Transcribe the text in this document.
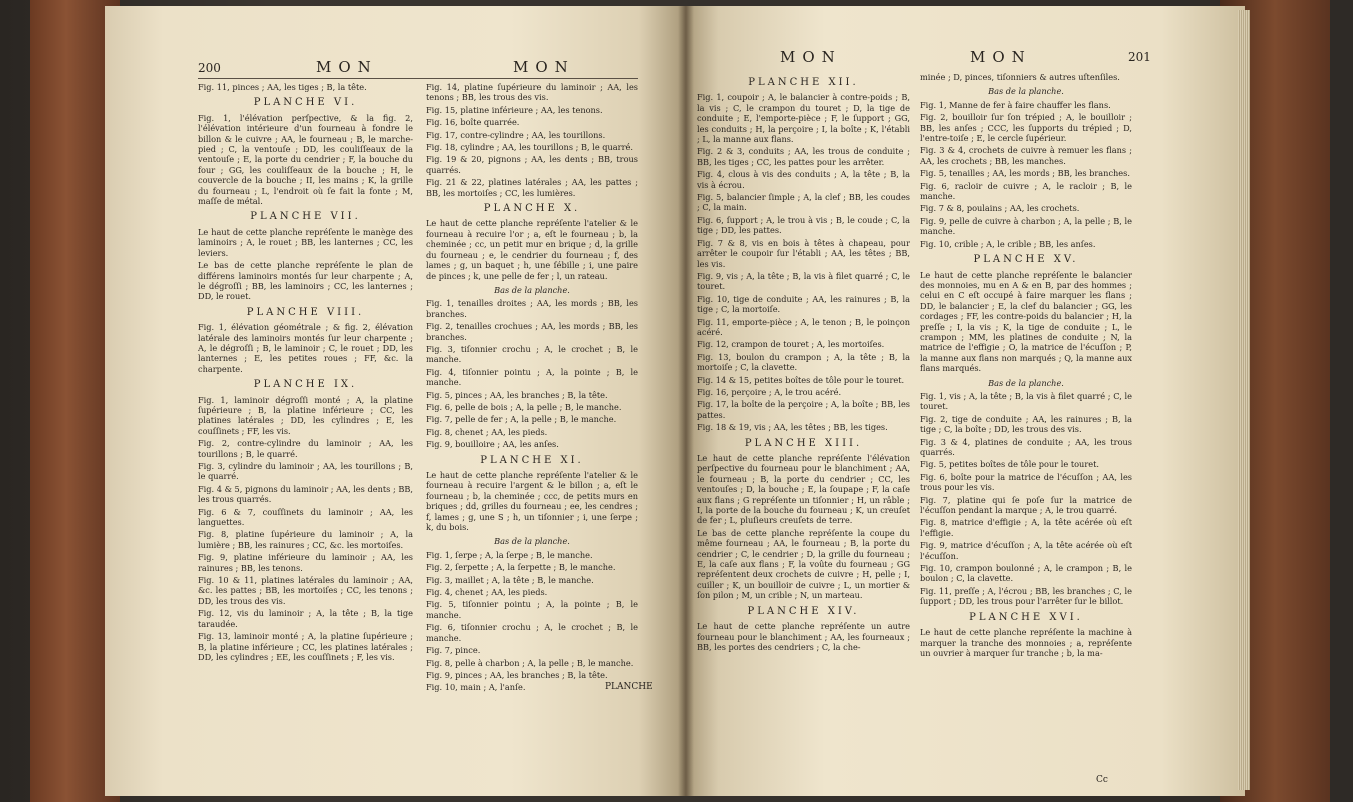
200	MON	MON
MON	MON	201

Fig. 11, pinces ; AA, les tiges ; B, la tête.

PLANCHE VI.

Fig. 1, l'élévation perſpective, & la fig. 2, l'élévation intérieure d'un fourneau à fondre le billon & le cuivre ; AA, le fourneau ; B, le marche-pied ; C, la ventouſe ; DD, les couliſſeaux de la ventouſe ; E, la porte du cendrier ; F, la bouche du four ; GG, les couliſſeaux de la bouche ; H, le couvercle de la bouche ; II, les mains ; K, la grille du fourneau ; L, l'endroit où ſe fait la fonte ; M, maſſe de métal.

PLANCHE VII.

Le haut de cette planche repréſente le manège des laminoirs ; A, le rouet ; BB, les lanternes ; CC, les leviers.

Le bas de cette planche repréſente le plan de différens laminoirs montés ſur leur charpente ; A, le dégroſſi ; BB, les laminoirs ; CC, les lanternes ; DD, le rouet.

PLANCHE VIII.

Fig. 1, élévation géométrale ; & fig. 2, élévation latérale des laminoirs montés ſur leur charpente ; A, le dégroſſi ; B, le laminoir ; C, le rouet ; DD, les lanternes ; E, les petites roues ; FF, &c. la charpente.

PLANCHE IX.

Fig. 1, laminoir dégroſſi monté ; A, la platine ſupérieure ; B, la platine inférieure ; CC, les platines latérales ; DD, les cylindres ; E, les couſſinets ; FF, les vis.

Fig. 2, contre-cylindre du laminoir ; AA, les tourillons ; B, le quarré.

Fig. 3, cylindre du laminoir ; AA, les tourillons ; B, le quarré.

Fig. 4 & 5, pignons du laminoir ; AA, les dents ; BB, les trous quarrés.

Fig. 6 & 7, couſſinets du laminoir ; AA, les languettes.

Fig. 8, platine ſupérieure du laminoir ; A, la lumière ; BB, les rainures ; CC, &c. les mortoiſes.

Fig. 9, platine inférieure du laminoir ; AA, les rainures ; BB, les tenons.

Fig. 10 & 11, platines latérales du laminoir ; AA, &c. les pattes ; BB, les mortoiſes ; CC, les tenons ; DD, les trous des vis.

Fig. 12, vis du laminoir ; A, la tête ; B, la tige taraudée.

Fig. 13, laminoir monté ; A, la platine ſupérieure ; B, la platine inférieure ; CC, les platines latérales ; DD, les cylindres ; EE, les couſſinets ; F, les vis.

Fig. 14, platine ſupérieure du laminoir ; AA, les tenons ; BB, les trous des vis.

Fig. 15, platine inférieure ; AA, les tenons.

Fig. 16, boîte quarrée.

Fig. 17, contre-cylindre ; AA, les tourillons.

Fig. 18, cylindre ; AA, les tourillons ; B, le quarré.

Fig. 19 & 20, pignons ; AA, les dents ; BB, trous quarrés.

Fig. 21 & 22, platines latérales ; AA, les pattes ; BB, les mortoiſes ; CC, les lumières.

PLANCHE X.

Le haut de cette planche repréſente l'atelier & le fourneau à recuire l'or ; a, eſt le fourneau ; b, la cheminée ; cc, un petit mur en brique ; d, la grille du fourneau ; e, le cendrier du fourneau ; f, des lames ; g, un baquet ; h, une ſébille ; i, une paire de pinces ; k, une pelle de fer ; l, un rateau.

Bas de la planche.

Fig. 1, tenailles droites ; AA, les mords ; BB, les branches.

Fig. 2, tenailles crochues ; AA, les mords ; BB, les branches.

Fig. 3, tiſonnier crochu ; A, le crochet ; B, le manche.

Fig. 4, tiſonnier pointu ; A, la pointe ; B, le manche.

Fig. 5, pinces ; AA, les branches ; B, la tête.

Fig. 6, pelle de bois ; A, la pelle ; B, le manche.

Fig. 7, pelle de fer ; A, la pelle ; B, le manche.

Fig. 8, chenet ; AA, les pieds.

Fig. 9, bouilloire ; AA, les anſes.

PLANCHE XI.

Le haut de cette planche repréſente l'atelier & le fourneau à recuire l'argent & le billon ; a, eſt le fourneau ; b, la cheminée ; ccc, de petits murs en briques ; dd, grilles du fourneau ; ee, les cendres ; f, lames ; g, une S ; h, un tiſonnier ; i, une ſerpe ; k, du bois.

Bas de la planche.

Fig. 1, ſerpe ; A, la ſerpe ; B, le manche.

Fig. 2, ſerpette ; A, la ſerpette ; B, le manche.

Fig. 3, maillet ; A, la tête ; B, le manche.

Fig. 4, chenet ; AA, les pieds.

Fig. 5, tiſonnier pointu ; A, la pointe ; B, le manche.

Fig. 6, tiſonnier crochu ; A, le crochet ; B, le manche.

Fig. 7, pince.

Fig. 8, pelle à charbon ; A, la pelle ; B, le manche.

Fig. 9, pinces ; AA, les branches ; B, la tête.

Fig. 10, main ; A, l'anſe.	PLANCHE

PLANCHE XII.

Fig. 1, coupoir ; A, le balancier à contre-poids ; B, la vis ; C, le crampon du touret ; D, la tige de conduite ; E, l'emporte-pièce ; F, le ſupport ; GG, les conduits ; H, la perçoire ; I, la boîte ; K, l'établi ; L, la manne aux flans.

Fig. 2 & 3, conduits ; AA, les trous de conduite ; BB, les tiges ; CC, les pattes pour les arrêter.

Fig. 4, clous à vis des conduits ; A, la tête ; B, la vis à écrou.

Fig. 5, balancier ſimple ; A, la clef ; BB, les coudes ; C, la main.

Fig. 6, ſupport ; A, le trou à vis ; B, le coude ; C, la tige ; DD, les pattes.

Fig. 7 & 8, vis en bois à têtes à chapeau, pour arrêter le coupoir ſur l'établi ; AA, les têtes ; BB, les vis.

Fig. 9, vis ; A, la tête ; B, la vis à filet quarré ; C, le touret.

Fig. 10, tige de conduite ; AA, les rainures ; B, la tige ; C, la mortoiſe.

Fig. 11, emporte-pièce ; A, le tenon ; B, le poinçon acéré.

Fig. 12, crampon de touret ; A, les mortoiſes.

Fig. 13, boulon du crampon ; A, la tête ; B, la mortoiſe ; C, la clavette.

Fig. 14 & 15, petites boîtes de tôle pour le touret.

Fig. 16, perçoire ; A, le trou acéré.

Fig. 17, la boîte de la perçoire ; A, la boîte ; BB, les pattes.

Fig. 18 & 19, vis ; AA, les têtes ; BB, les tiges.

PLANCHE XIII.

Le haut de cette planche repréſente l'élévation perſpective du fourneau pour le blanchiment ; AA, le fourneau ; B, la porte du cendrier ; CC, les ventouſes ; D, la bouche ; E, la ſoupape ; F, la caſe aux flans ; G repréſente un tiſonnier ; H, un râble ; I, la porte de la bouche du fourneau ; K, un creuſet de fer ; L, pluſieurs creuſets de terre.

Le bas de cette planche repréſente la coupe du même fourneau ; AA, le fourneau ; B, la porte du cendrier ; C, le cendrier ; D, la grille du fourneau ; E, la caſe aux flans ; F, la voûte du fourneau ; GG repréſentent deux crochets de cuivre ; H, pelle ; I, cuiller ; K, un bouilloir de cuivre ; L, un mortier & ſon pilon ; M, un crible ; N, un marteau.

PLANCHE XIV.

Le haut de cette planche repréſente un autre fourneau pour le blanchiment ; AA, les fourneaux ; BB, les portes des cendriers ; C, la che-

minée ; D, pinces, tiſonniers & autres uſtenſiles.

Bas de la planche.

Fig. 1, Manne de fer à faire chauffer les flans.

Fig. 2, bouilloir ſur ſon trépied ; A, le bouilloir ; BB, les anſes ; CCC, les ſupports du trépied ; D, l'entre-toiſe ; E, le cercle ſupérieur.

Fig. 3 & 4, crochets de cuivre à remuer les flans ; AA, les crochets ; BB, les manches.

Fig. 5, tenailles ; AA, les mords ; BB, les branches.

Fig. 6, racloir de cuivre ; A, le racloir ; B, le manche.

Fig. 7 & 8, poulains ; AA, les crochets.

Fig. 9, pelle de cuivre à charbon ; A, la pelle ; B, le manche.

Fig. 10, crible ; A, le crible ; BB, les anſes.

PLANCHE XV.

Le haut de cette planche repréſente le balancier des monnoies, mu en A & en B, par des hommes ; celui en C eſt occupé à faire marquer les flans ; DD, le balancier ; E, la clef du balancier ; GG, les cordages ; FF, les contre-poids du balancier ; H, la preſſe ; I, la vis ; K, la tige de conduite ; L, le crampon ; MM, les platines de conduite ; N, la matrice de l'effigie ; O, la matrice de l'écuſſon ; P, la manne aux flans non marqués ; Q, la manne aux flans marqués.

Bas de la planche.

Fig. 1, vis ; A, la tête ; B, la vis à filet quarré ; C, le touret.

Fig. 2, tige de conduite ; AA, les rainures ; B, la tige ; C, la boîte ; DD, les trous des vis.

Fig. 3 & 4, platines de conduite ; AA, les trous quarrés.

Fig. 5, petites boîtes de tôle pour le touret.

Fig. 6, boîte pour la matrice de l'écuſſon ; AA, les trous pour les vis.

Fig. 7, platine qui ſe poſe ſur la matrice de l'écuſſon pendant la marque ; A, le trou quarré.

Fig. 8, matrice d'effigie ; A, la tête acérée où eſt l'effigie.

Fig. 9, matrice d'écuſſon ; A, la tête acérée où eſt l'écuſſon.

Fig. 10, crampon boulonné ; A, le crampon ; B, le boulon ; C, la clavette.

Fig. 11, preſſe ; A, l'écrou ; BB, les branches ; C, le ſupport ; DD, les trous pour l'arrêter ſur le billot.

PLANCHE XVI.

Le haut de cette planche repréſente la machine à marquer la tranche des monnoies ; a, repréſente un ouvrier à marquer ſur tranche ; b, la ma-

Cc
